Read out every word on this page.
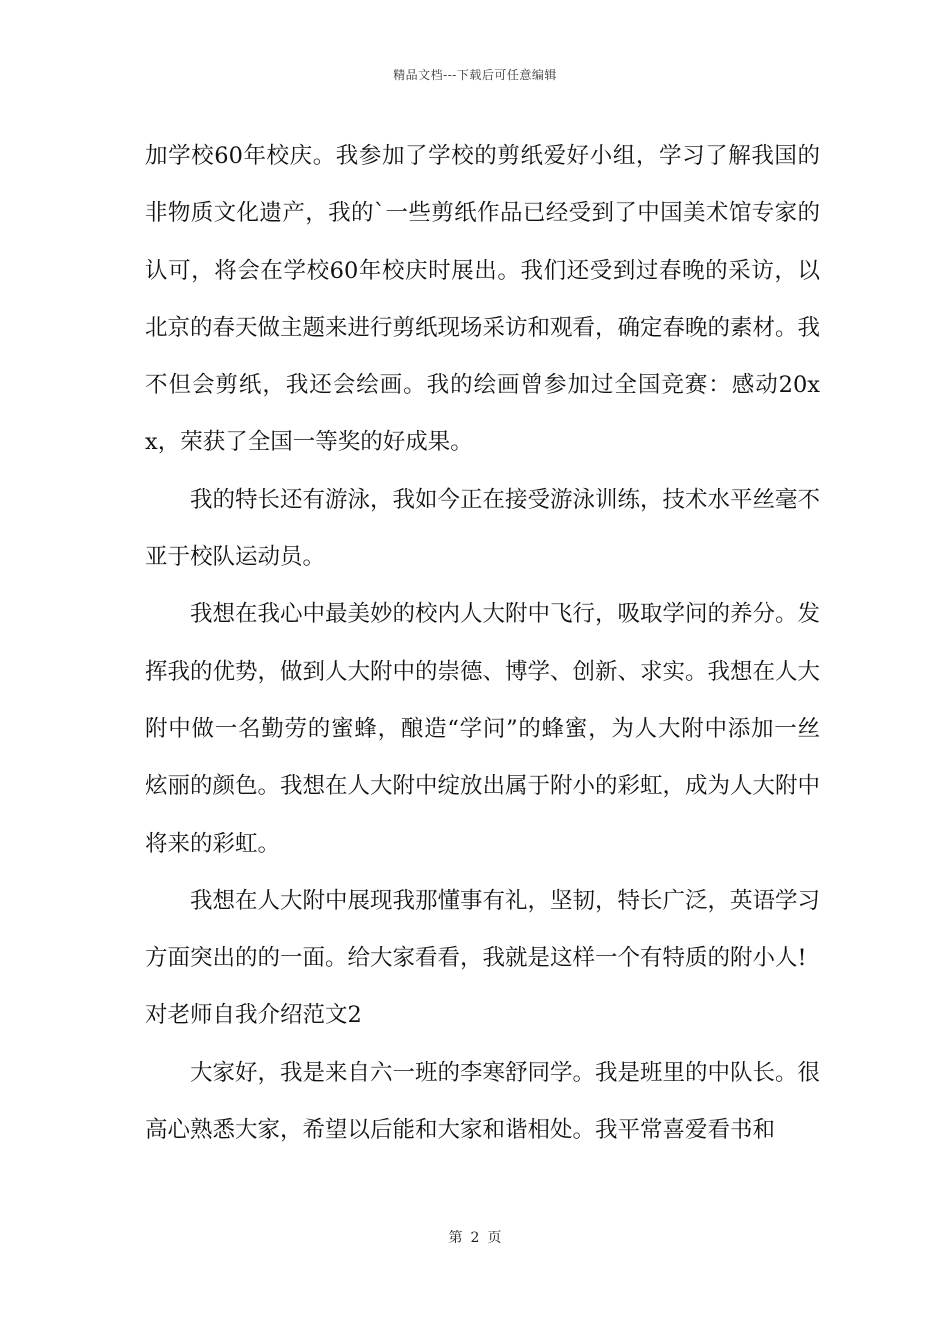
精品文档---下载后可任意编辑

加学校60年校庆。我参加了学校的剪纸爱好小组，学习了解我国的非物质文化遗产，我的`一些剪纸作品已经受到了中国美术馆专家的认可，将会在学校60年校庆时展出。我们还受到过春晚的采访，以北京的春天做主题来进行剪纸现场采访和观看，确定春晚的素材。我不但会剪纸，我还会绘画。我的绘画曾参加过全国竞赛：感动20xx，荣获了全国一等奖的好成果。

我的特长还有游泳，我如今正在接受游泳训练，技术水平丝毫不亚于校队运动员。

我想在我心中最美妙的校内人大附中飞行，吸取学问的养分。发挥我的优势，做到人大附中的崇德、博学、创新、求实。我想在人大附中做一名勤劳的蜜蜂，酿造“学问”的蜂蜜，为人大附中添加一丝炫丽的颜色。我想在人大附中绽放出属于附小的彩虹，成为人大附中将来的彩虹。

我想在人大附中展现我那懂事有礼，坚韧，特长广泛，英语学习方面突出的的一面。给大家看看，我就是这样一个有特质的附小人!

对老师自我介绍范文2

大家好，我是来自六一班的李寒舒同学。我是班里的中队长。很高心熟悉大家，希望以后能和大家和谐相处。我平常喜爱看书和

第 2 页
